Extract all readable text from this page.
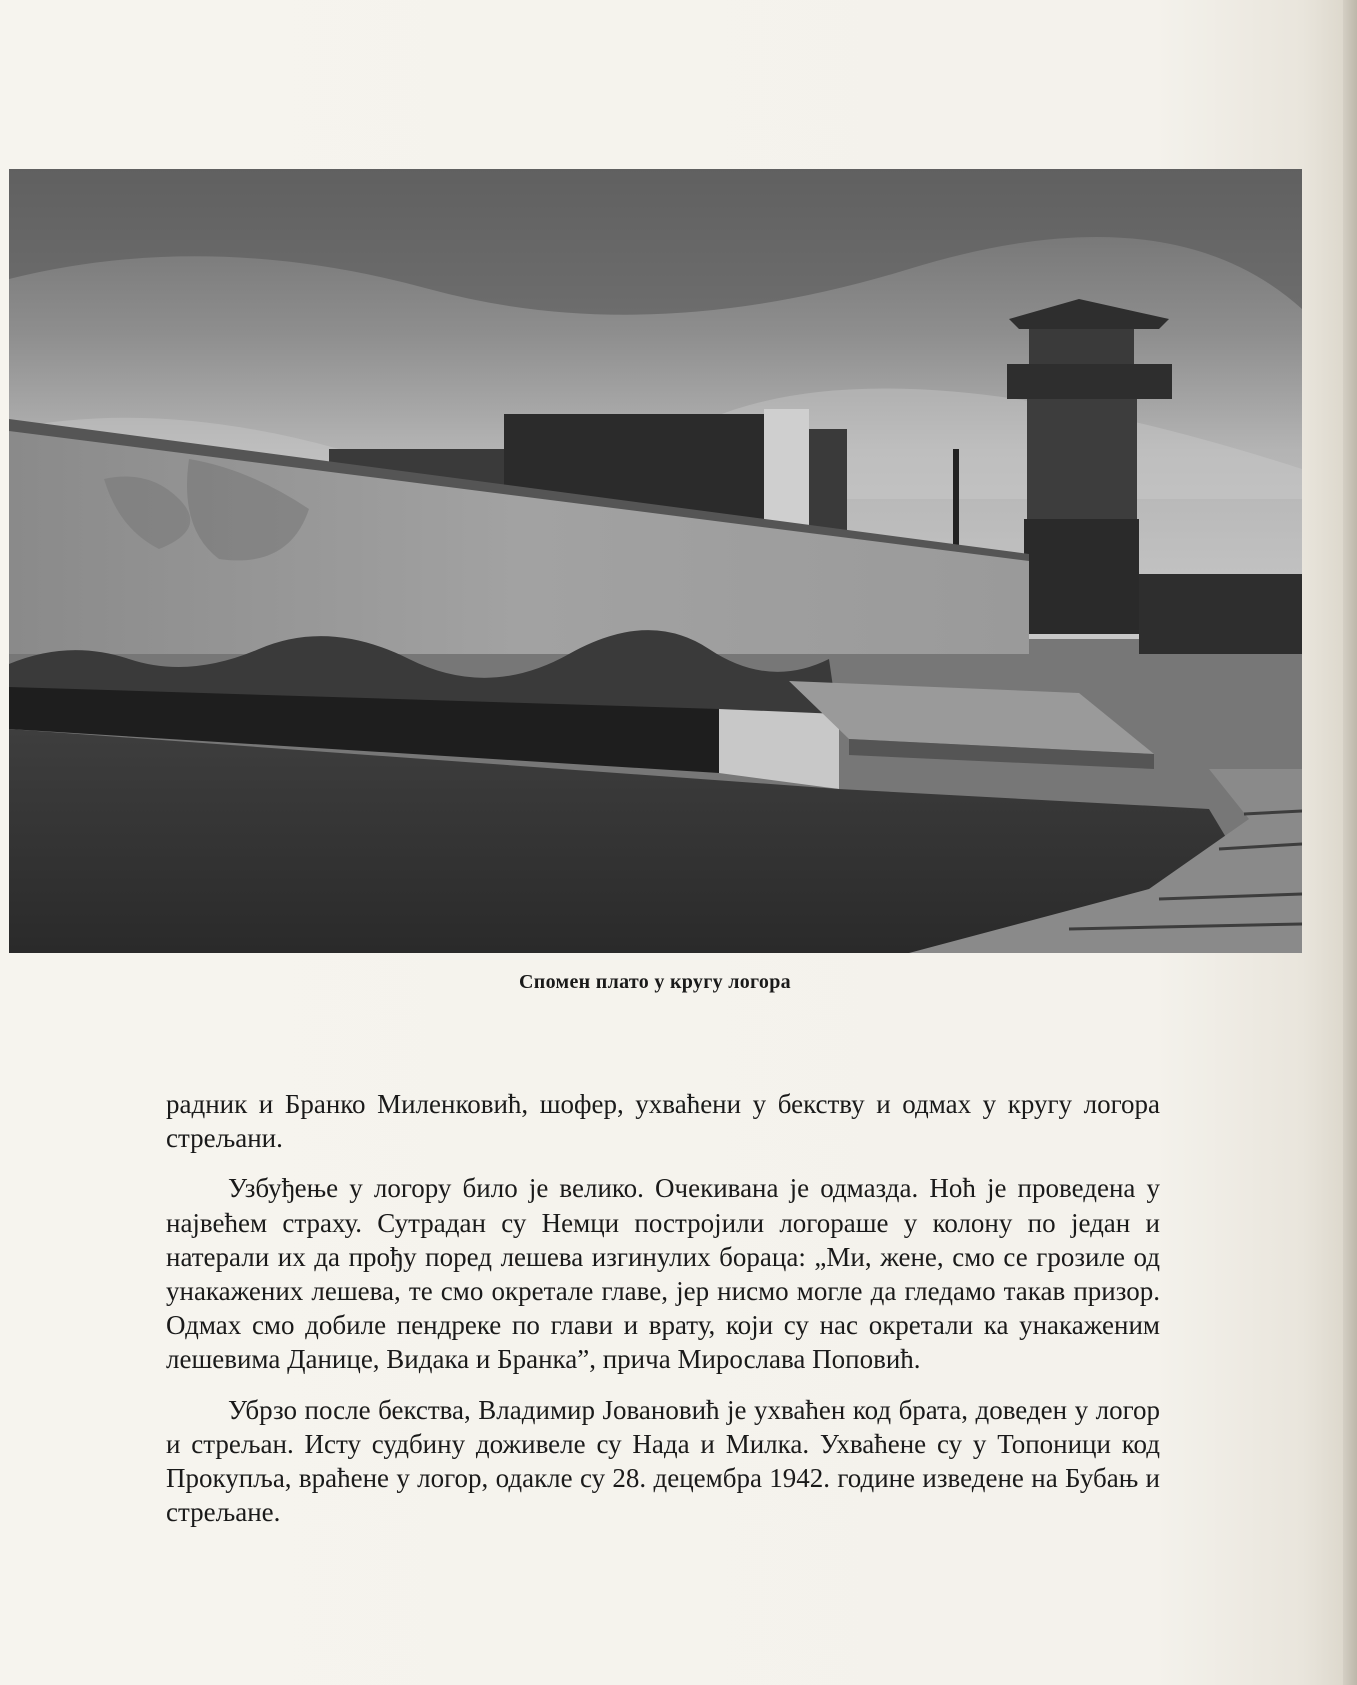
Спомен плато у кругу логора

радник и Бранко Миленковић, шофер, ухваћени у бекству и одмах у кругу логора стрељани.

Узбуђење у логору било је велико. Очекивана је одмазда. Ноћ је проведена у највећем страху. Сутрадан су Немци постројили логораше у колону по један и натерали их да прођу поред лешева изгинулих бораца: „Ми, жене, смо се грозиле од унакажених лешева, те смо окретале главе, јер нисмо могле да гледамо такав призор. Одмах смо добиле пендреке по глави и врату, који су нас окретали ка унакаженим лешевима Данице, Видака и Бранка”, прича Мирослава Поповић.

Убрзо после бекства, Владимир Јовановић је ухваћен код брата, доведен у логор и стрељан. Исту судбину доживеле су Нада и Милка. Ухваћене су у Топоници код Прокупља, враћене у логор, одакле су 28. децембра 1942. године изведене на Бубањ и стрељане.
